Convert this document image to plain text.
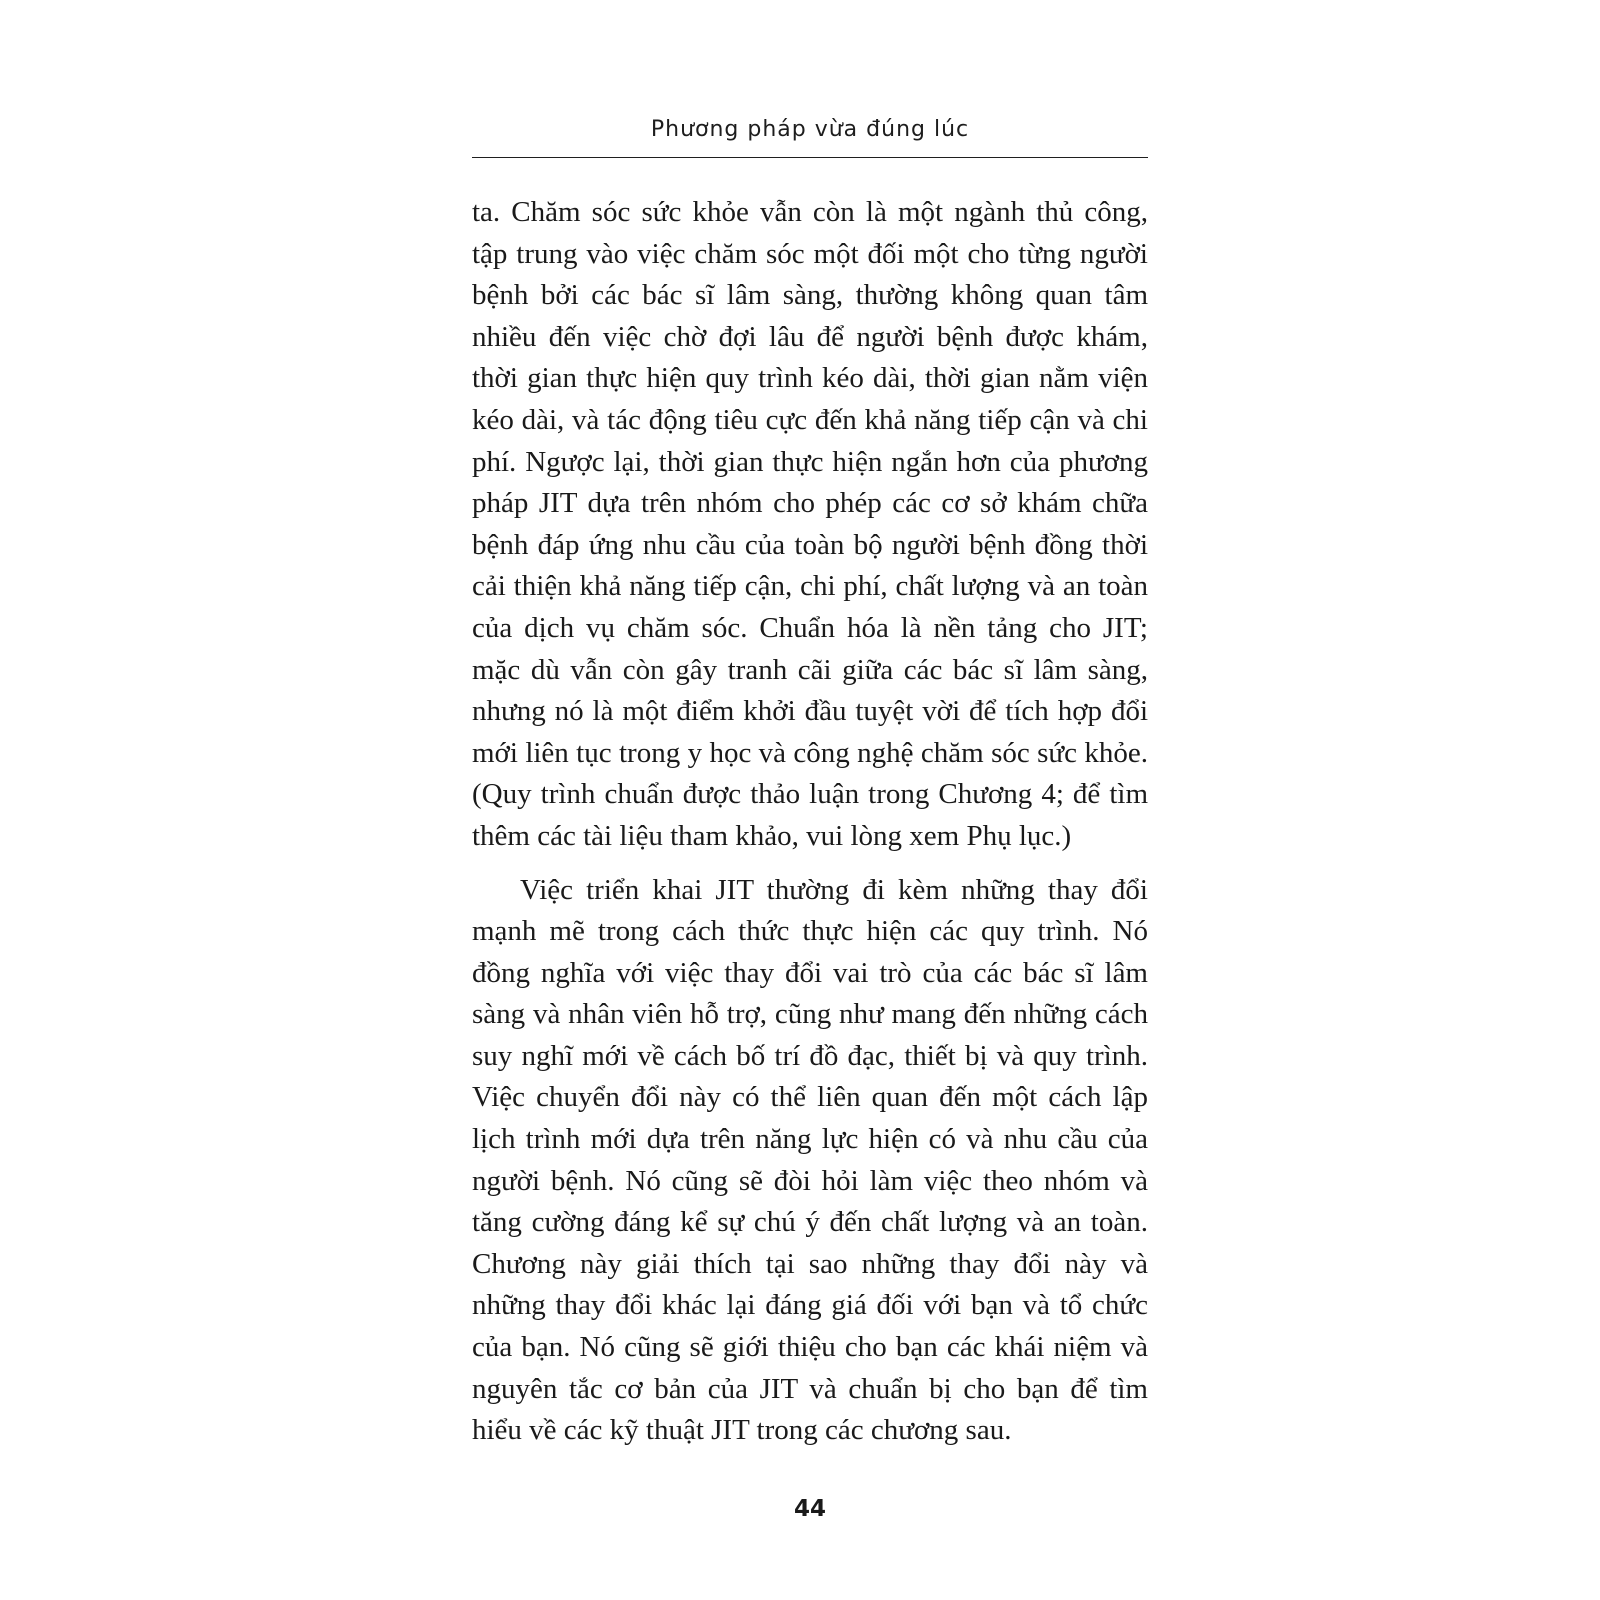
Phương pháp vừa đúng lúc

ta. Chăm sóc sức khỏe vẫn còn là một ngành thủ công, tập trung vào việc chăm sóc một đối một cho từng người bệnh bởi các bác sĩ lâm sàng, thường không quan tâm nhiều đến việc chờ đợi lâu để người bệnh được khám, thời gian thực hiện quy trình kéo dài, thời gian nằm viện kéo dài, và tác động tiêu cực đến khả năng tiếp cận và chi phí. Ngược lại, thời gian thực hiện ngắn hơn của phương pháp JIT dựa trên nhóm cho phép các cơ sở khám chữa bệnh đáp ứng nhu cầu của toàn bộ người bệnh đồng thời cải thiện khả năng tiếp cận, chi phí, chất lượng và an toàn của dịch vụ chăm sóc. Chuẩn hóa là nền tảng cho JIT; mặc dù vẫn còn gây tranh cãi giữa các bác sĩ lâm sàng, nhưng nó là một điểm khởi đầu tuyệt vời để tích hợp đổi mới liên tục trong y học và công nghệ chăm sóc sức khỏe. (Quy trình chuẩn được thảo luận trong Chương 4; để tìm thêm các tài liệu tham khảo, vui lòng xem Phụ lục.)

Việc triển khai JIT thường đi kèm những thay đổi mạnh mẽ trong cách thức thực hiện các quy trình. Nó đồng nghĩa với việc thay đổi vai trò của các bác sĩ lâm sàng và nhân viên hỗ trợ, cũng như mang đến những cách suy nghĩ mới về cách bố trí đồ đạc, thiết bị và quy trình. Việc chuyển đổi này có thể liên quan đến một cách lập lịch trình mới dựa trên năng lực hiện có và nhu cầu của người bệnh. Nó cũng sẽ đòi hỏi làm việc theo nhóm và tăng cường đáng kể sự chú ý đến chất lượng và an toàn. Chương này giải thích tại sao những thay đổi này và những thay đổi khác lại đáng giá đối với bạn và tổ chức của bạn. Nó cũng sẽ giới thiệu cho bạn các khái niệm và nguyên tắc cơ bản của JIT và chuẩn bị cho bạn để tìm hiểu về các kỹ thuật JIT trong các chương sau.

44
